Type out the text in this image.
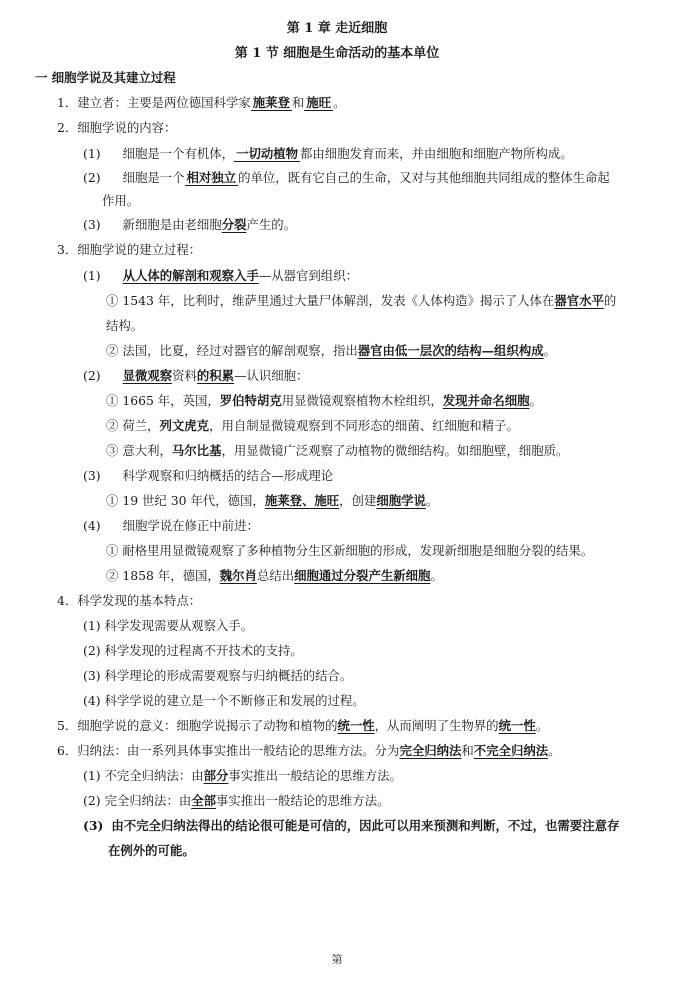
第 1 章 走近细胞
第 1 节 细胞是生命活动的基本单位
一 细胞学说及其建立过程
1．建立者：主要是两位德国科学家 施莱登 和 施旺 。
2．细胞学说的内容：
(1) 细胞是一个有机体， 一切动植物 都由细胞发育而来，并由细胞和细胞产物所构成。
(2) 细胞是一个 相对独立 的单位，既有它自己的生命，又对与其他细胞共同组成的整体生命起
作用。
(3) 新细胞是由老细胞分裂产生的。
3．细胞学说的建立过程：
(1) 从人体的解剖和观察入手—从器官到组织：
① 1543 年，比利时，维萨里通过大量尸体解剖，发表《人体构造》揭示了人体在器官水平的
结构。
② 法国，比夏，经过对器官的解剖观察，指出器官由低一层次的结构—组织构成。
(2) 显微观察资料的积累—认识细胞：
① 1665 年，英国，罗伯特胡克用显微镜观察植物木栓组织，发现并命名细胞。
② 荷兰，列文虎克，用自制显微镜观察到不同形态的细菌、红细胞和精子。
③ 意大利，马尔比基，用显微镜广泛观察了动植物的微细结构。如细胞壁，细胞质。
(3) 科学观察和归纳概括的结合—形成理论
① 19 世纪 30 年代，德国，施莱登、施旺，创建细胞学说。
(4) 细胞学说在修正中前进：
① 耐格里用显微镜观察了多种植物分生区新细胞的形成，发现新细胞是细胞分裂的结果。
② 1858 年，德国，魏尔肖总结出细胞通过分裂产生新细胞。
4．科学发现的基本特点：
(1) 科学发现需要从观察入手。
(2) 科学发现的过程离不开技术的支持。
(3) 科学理论的形成需要观察与归纳概括的结合。
(4) 科学学说的建立是一个不断修正和发展的过程。
5．细胞学说的意义：细胞学说揭示了动物和植物的统一性，从而阐明了生物界的统一性。
6．归纳法：由一系列具体事实推出一般结论的思维方法。分为完全归纳法和不完全归纳法。
(1) 不完全归纳法：由部分事实推出一般结论的思维方法。
(2) 完全归纳法：由全部事实推出一般结论的思维方法。
(3) 由不完全归纳法得出的结论很可能是可信的，因此可以用来预测和判断，不过，也需要注意存
在例外的可能。
第
